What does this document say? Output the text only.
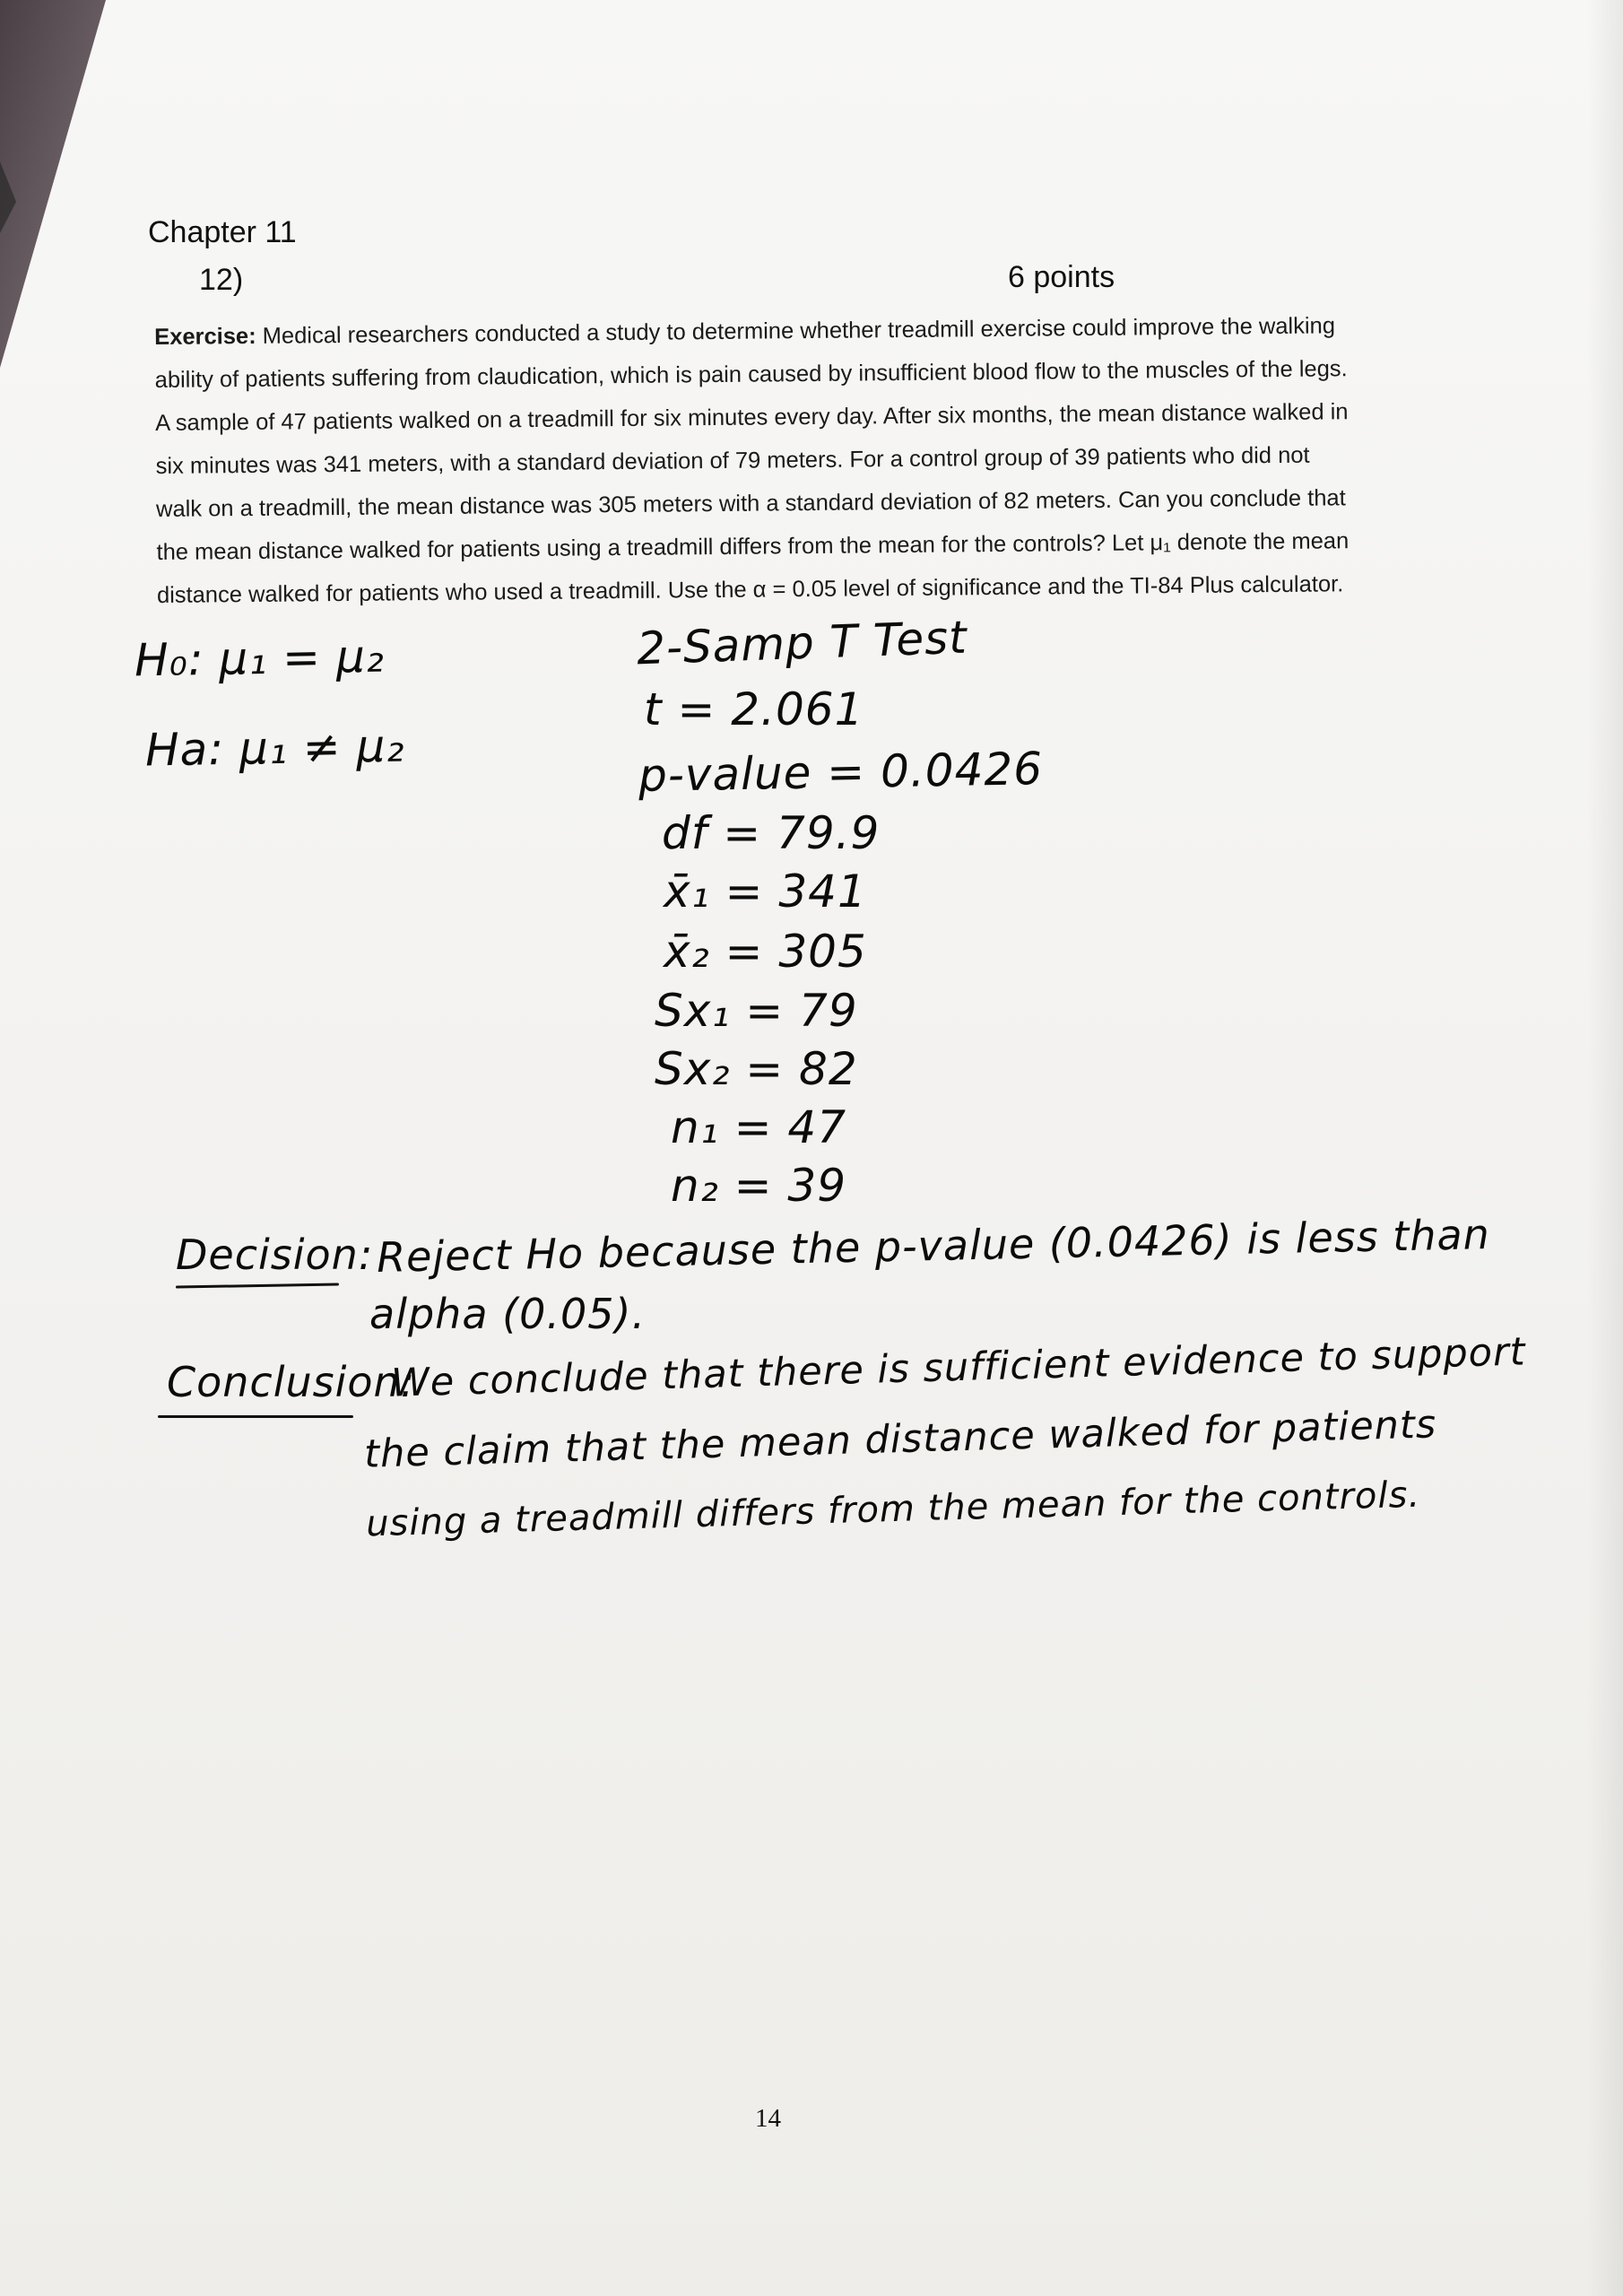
Chapter 11
12)	6 points
Exercise: Medical researchers conducted a study to determine whether treadmill exercise could improve the walking
ability of patients suffering from claudication, which is pain caused by insufficient blood flow to the muscles of the legs.
A sample of 47 patients walked on a treadmill for six minutes every day. After six months, the mean distance walked in
six minutes was 341 meters, with a standard deviation of 79 meters. For a control group of 39 patients who did not
walk on a treadmill, the mean distance was 305 meters with a standard deviation of 82 meters. Can you conclude that
the mean distance walked for patients using a treadmill differs from the mean for the controls? Let μ₁ denote the mean
distance walked for patients who used a treadmill. Use the α = 0.05 level of significance and the TI-84 Plus calculator.
H₀: μ₁ = μ₂
Ha: μ₁ ≠ μ₂
2-Samp T Test
t = 2.061
p-value = 0.0426
df = 79.9
x̄₁ = 341
x̄₂ = 305
Sx₁ = 79
Sx₂ = 82
n₁ = 47
n₂ = 39
Decision: Reject Ho because the p-value (0.0426) is less than
alpha (0.05).
Conclusion:
We conclude that there is sufficient evidence to support
the claim that the mean distance walked for patients
using a treadmill differs from the mean for the controls.
14
